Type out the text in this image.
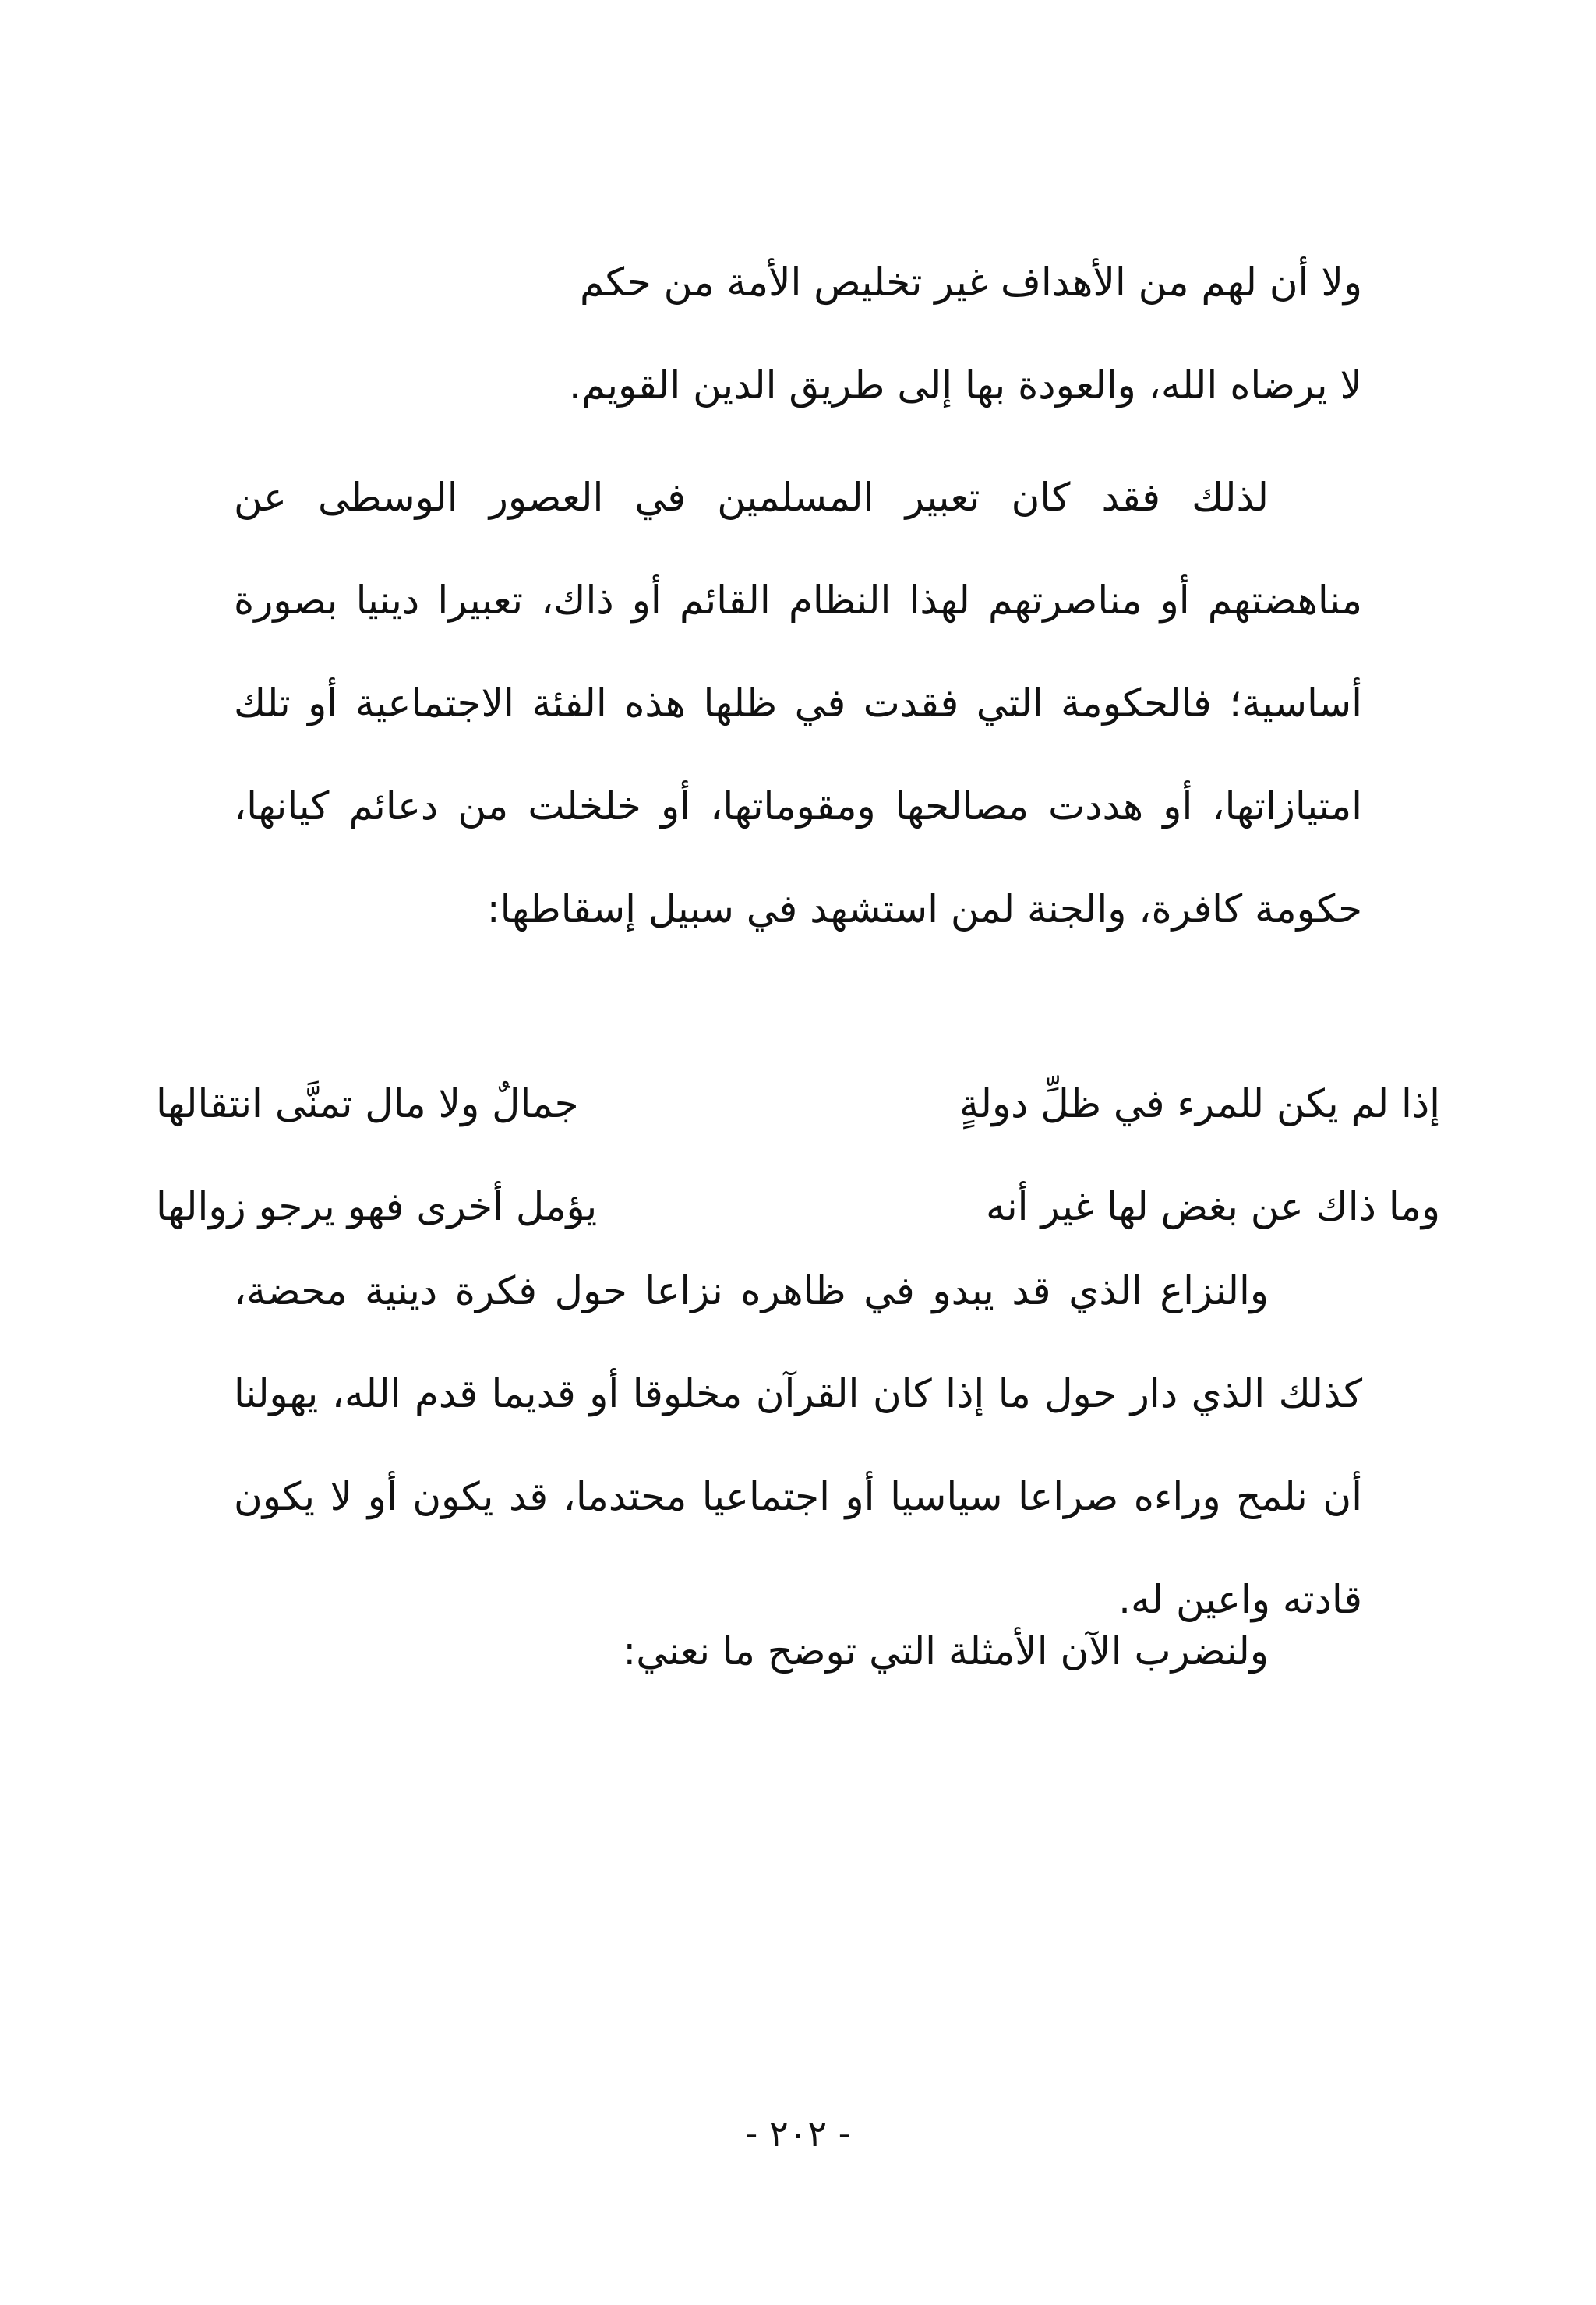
ولا أن لهم من الأهداف غير تخليص الأمة من حكم

لا يرضاه الله، والعودة بها إلى طريق الدين القويم.

لذلك فقد كان تعبير المسلمين في العصور الوسطى عن مناهضتهم أو مناصرتهم لهذا النظام القائم أو ذاك، تعبيرا دينيا بصورة أساسية؛ فالحكومة التي فقدت في ظلها هذه الفئة الاجتماعية أو تلك امتيازاتها، أو هددت مصالحها ومقوماتها، أو خلخلت من دعائم كيانها، حكومة كافرة، والجنة لمن استشهد في سبيل إسقاطها:

إذا لم يكن للمرء في ظلِّ دولةٍ
جمالٌ ولا مال تمنَّى انتقالها
وما ذاك عن بغض لها غير أنه
يؤمل أخرى فهو يرجو زوالها

والنزاع الذي قد يبدو في ظاهره نزاعا حول فكرة دينية محضة، كذلك الذي دار حول ما إذا كان القرآن مخلوقا أو قديما قدم الله، يهولنا أن نلمح وراءه صراعا سياسيا أو اجتماعيا محتدما، قد يكون أو لا يكون قادته واعين له.

ولنضرب الآن الأمثلة التي توضح ما نعني:
- ٢٠٢ -
